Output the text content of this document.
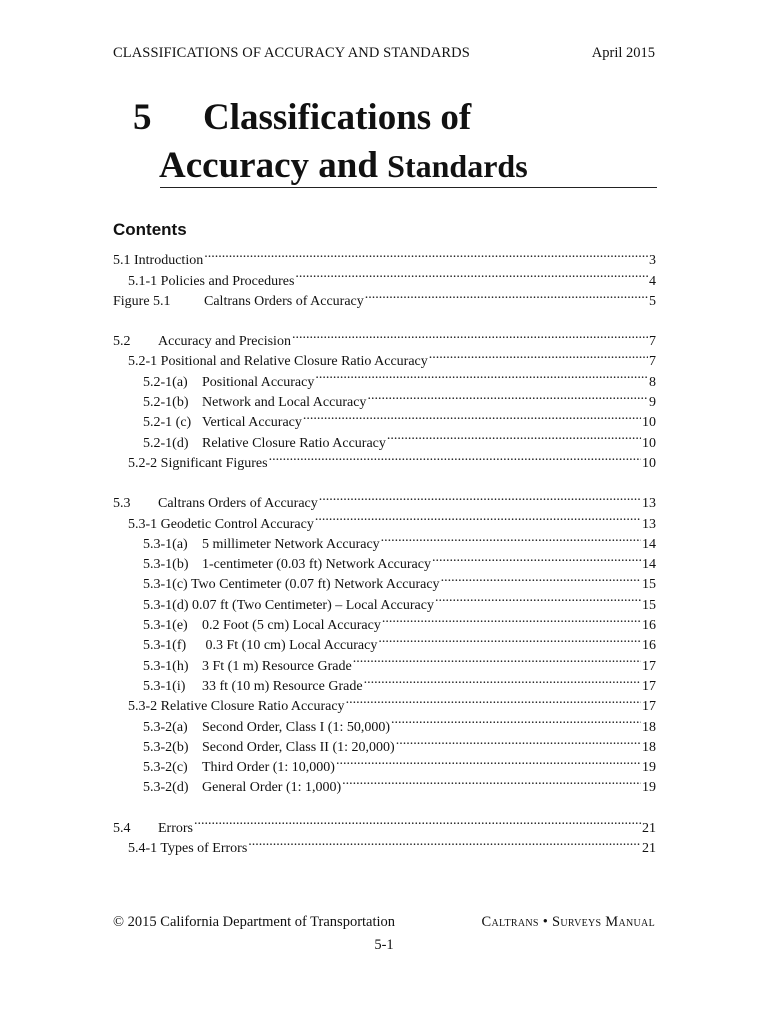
CLASSIFICATIONS OF ACCURACY AND STANDARDS	April 2015
5 Classifications of
Accuracy and Standards
Contents
5.1 Introduction .....	3
5.1-1 Policies and Procedures .....	4
Figure 5.1 Caltrans Orders of Accuracy .....	5
5.2 Accuracy and Precision .....	7
5.2-1 Positional and Relative Closure Ratio Accuracy .....	7
5.2-1(a) Positional Accuracy .....	8
5.2-1(b) Network and Local Accuracy .....	9
5.2-1 (c) Vertical Accuracy .....	10
5.2-1(d) Relative Closure Ratio Accuracy .....	10
5.2-2 Significant Figures .....	10
5.3 Caltrans Orders of Accuracy .....	13
5.3-1 Geodetic Control Accuracy .....	13
5.3-1(a) 5 millimeter Network Accuracy .....	14
5.3-1(b) 1-centimeter (0.03 ft) Network Accuracy .....	14
5.3-1(c) Two Centimeter (0.07 ft) Network Accuracy .....	15
5.3-1(d) 0.07 ft (Two Centimeter) – Local Accuracy .....	15
5.3-1(e) 0.2 Foot (5 cm) Local Accuracy .....	16
5.3-1(f) 0.3 Ft (10 cm) Local Accuracy .....	16
5.3-1(h) 3 Ft (1 m) Resource Grade .....	17
5.3-1(i) 33 ft (10 m) Resource Grade .....	17
5.3-2 Relative Closure Ratio Accuracy .....	17
5.3-2(a) Second Order, Class I (1: 50,000) .....	18
5.3-2(b) Second Order, Class II (1: 20,000) .....	18
5.3-2(c) Third Order (1: 10,000) .....	19
5.3-2(d) General Order (1: 1,000) .....	19
5.4 Errors .....	21
5.4-1 Types of Errors .....	21
© 2015 California Department of Transportation	Caltrans • Surveys Manual
5-1
